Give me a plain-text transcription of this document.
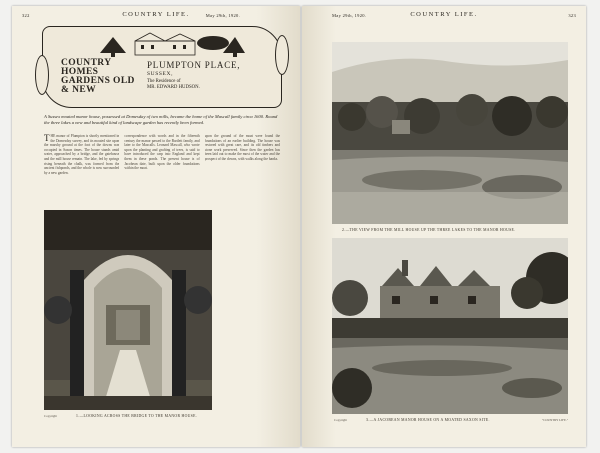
322	COUNTRY LIFE.	May 29th, 1920.
COUNTRY HOMES GARDENS OLD & NEW
PLUMPTON PLACE,
SUSSEX,
The Residence of
MR. EDWARD HUDSON.
A Sussex moated manor house, possessed at Domesday of two mills, became the home of the Mascall family circa 1600. Round the three lakes a new and beautiful kind of landscape garden has recently been formed.
THE manor of Plumpton is shortly mentioned in the Domesday survey, and its moated site upon the marshy ground at the foot of the downs was occupied in Saxon times. The house stands amid water, approached by a bridge, and the gatehouse and the mill house remain. The lake, fed by springs rising beneath the chalk, was formed from the ancient fishponds, and the whole is now surrounded by a new garden.
correspondence with words and in the fifteenth century the manor passed to the Bartlett family, and later to the Mascalls. Leonard Mascall, who wrote upon the planting and grafting of trees, is said to have introduced the carp into England and kept them in these ponds. The present house is of Jacobean date, built upon the older foundations within the moat.
upon the ground of the moat were found the foundations of an earlier building. The house was restored with great care, and its old timbers and stone work preserved. Since then the garden has been laid out to make the most of the water and the prospect of the downs, with walks along the banks.
Copyright	1.—LOOKING ACROSS THE BRIDGE TO THE MANOR HOUSE.
May 29th, 1920.	COUNTRY LIFE.	323
2.—THE VIEW FROM THE MILL HOUSE UP THE THREE LAKES TO THE MANOR HOUSE.
3.—A JACOBEAN MANOR HOUSE ON A MOATED SAXON SITE.
Copyright	"COUNTRY LIFE."
